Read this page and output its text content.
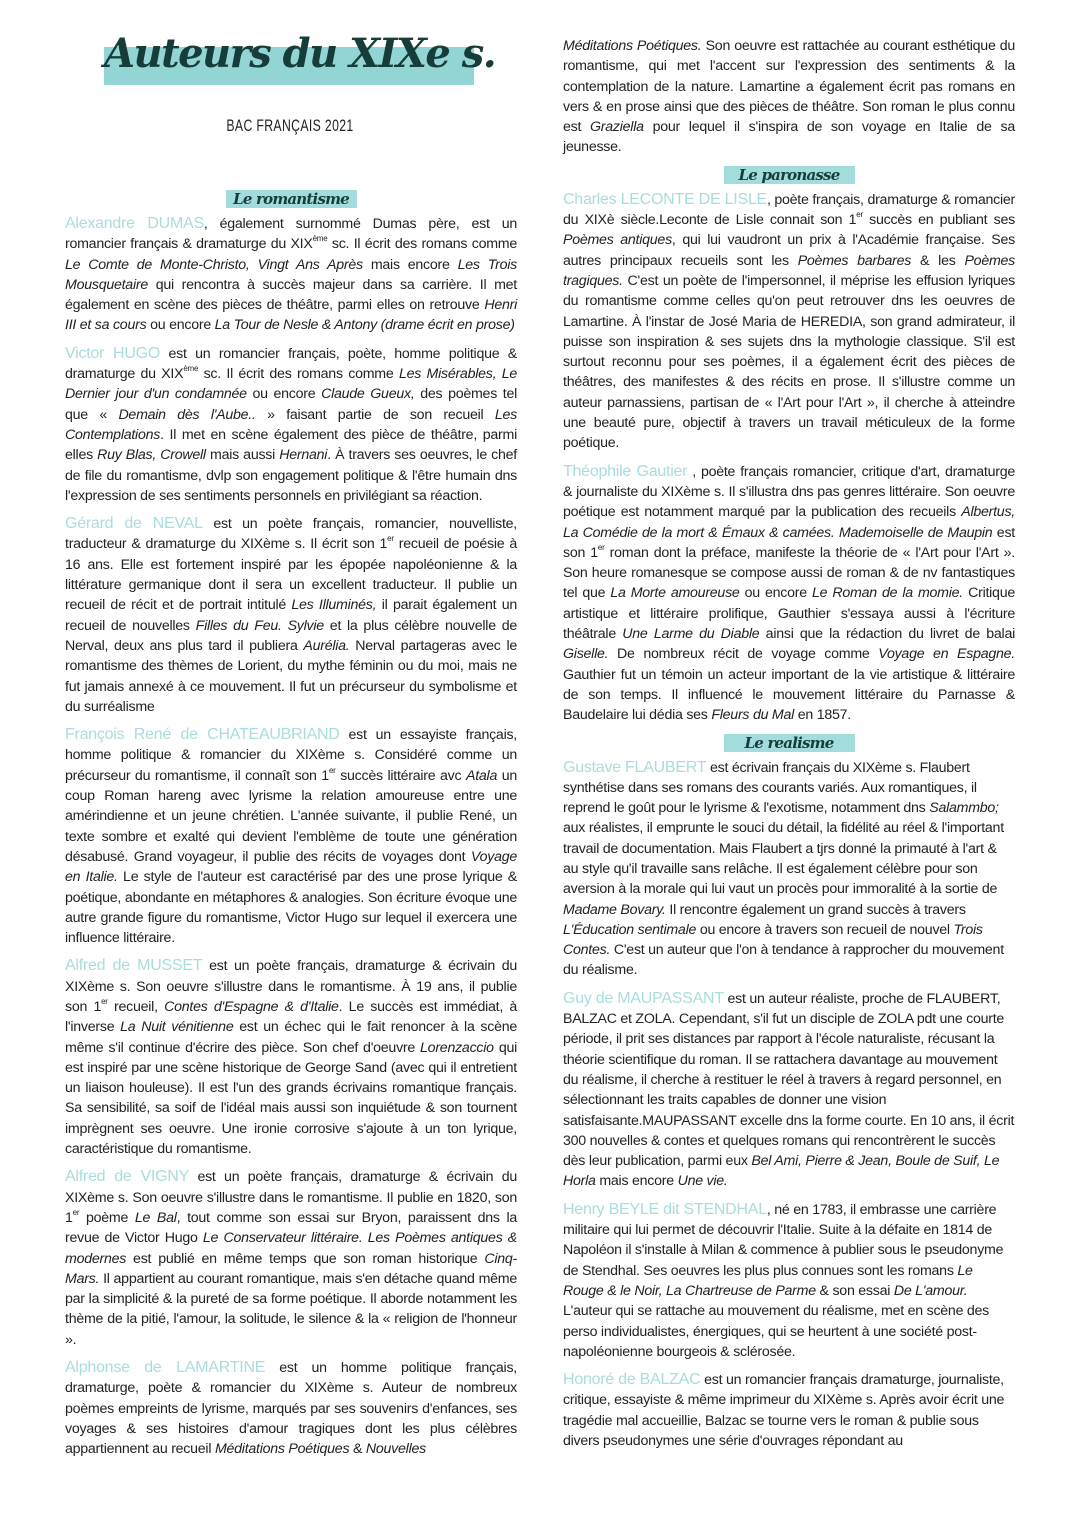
Auteurs du XIXe s.
BAC FRANÇAIS 2021
Le romantisme

Alexandre DUMAS, également surnommé Dumas père, est un romancier français & dramaturge du XIXème sc. Il écrit des romans comme Le Comte de Monte-Christo, Vingt Ans Après mais encore Les Trois Mousquetaire qui rencontra à succès majeur dans sa carrière. Il met également en scène des pièces de théâtre, parmi elles on retrouve Henri III et sa cours ou encore La Tour de Nesle & Antony (drame écrit en prose)

Victor HUGO est un romancier français, poète, homme politique & dramaturge du XIXème sc. Il écrit des romans comme Les Misérables, Le Dernier jour d'un condamnée ou encore Claude Gueux, des poèmes tel que « Demain dès l'Aube.. » faisant partie de son recueil Les Contemplations. Il met en scène également des pièce de théâtre, parmi elles Ruy Blas, Crowell mais aussi Hernani. À travers ses oeuvres, le chef de file du romantisme, dvlp son engagement politique & l'être humain dns l'expression de ses sentiments personnels en privilégiant sa réaction.

Gérard de NEVAL est un poète français, romancier, nouvelliste, traducteur & dramaturge du XIXème s. Il écrit son 1er recueil de poésie à 16 ans. Elle est fortement inspiré par les épopée napoléonienne & la littérature germanique dont il sera un excellent traducteur. Il publie un recueil de récit et de portrait intitulé Les Illuminés, il parait également un recueil de nouvelles Filles du Feu. Sylvie et la plus célèbre nouvelle de Nerval, deux ans plus tard il publiera Aurélia. Nerval partageras avec le romantisme des thèmes de Lorient, du mythe féminin ou du moi, mais ne fut jamais annexé à ce mouvement. Il fut un précurseur du symbolisme et du surréalisme

François René de CHATEAUBRIAND est un essayiste français, homme politique & romancier du XIXème s. Considéré comme un précurseur du romantisme, il connaît son 1er succès littéraire avc Atala un coup Roman hareng avec lyrisme la relation amoureuse entre une amérindienne et un jeune chrétien. L'année suivante, il publie René, un texte sombre et exalté qui devient l'emblème de toute une génération désabusé. Grand voyageur, il publie des récits de voyages dont Voyage en Italie. Le style de l'auteur est caractérisé par des une prose lyrique & poétique, abondante en métaphores & analogies. Son écriture évoque une autre grande figure du romantisme, Victor Hugo sur lequel il exercera une influence littéraire.

Alfred de MUSSET est un poète français, dramaturge & écrivain du XIXème s. Son oeuvre s'illustre dans le romantisme. À 19 ans, il publie son 1er recueil, Contes d'Espagne & d'Italie. Le succès est immédiat, à l'inverse La Nuit vénitienne est un échec qui le fait renoncer à la scène même s'il continue d'écrire des pièce. Son chef d'oeuvre Lorenzaccio qui est inspiré par une scène historique de George Sand (avec qui il entretient un liaison houleuse). Il est l'un des grands écrivains romantique français. Sa sensibilité, sa soif de l'idéal mais aussi son inquiétude & son tournent imprègnent ses oeuvre. Une ironie corrosive s'ajoute à un ton lyrique, caractéristique du romantisme.

Alfred de VIGNY est un poète français, dramaturge & écrivain du XIXème s. Son oeuvre s'illustre dans le romantisme. Il publie en 1820, son 1er poème Le Bal, tout comme son essai sur Bryon, paraissent dns la revue de Victor Hugo Le Conservateur littéraire. Les Poèmes antiques & modernes est publié en même temps que son roman historique Cinq-Mars. Il appartient au courant romantique, mais s'en détache quand même par la simplicité & la pureté de sa forme poétique. Il aborde notamment les thème de la pitié, l'amour, la solitude, le silence & la « religion de l'honneur ».

Alphonse de LAMARTINE est un homme politique français, dramaturge, poète & romancier du XIXème s. Auteur de nombreux poèmes empreints de lyrisme, marqués par ses souvenirs d'enfances, ses voyages & ses histoires d'amour tragiques dont les plus célèbres appartiennent au recueil Méditations Poétiques & Nouvelles

Méditations Poétiques. Son oeuvre est rattachée au courant esthétique du romantisme, qui met l'accent sur l'expression des sentiments & la contemplation de la nature. Lamartine a également écrit pas romans en vers & en prose ainsi que des pièces de théâtre. Son roman le plus connu est Graziella pour lequel il s'inspira de son voyage en Italie de sa jeunesse.

Le paronasse

Charles LECONTE DE LISLE, poète français, dramaturge & romancier du XIXè siècle.Leconte de Lisle connait son 1er succès en publiant ses Poèmes antiques, qui lui vaudront un prix à l'Académie française. Ses autres principaux recueils sont les Poèmes barbares & les Poèmes tragiques. C'est un poète de l'impersonnel, il méprise les effusion lyriques du romantisme comme celles qu'on peut retrouver dns les oeuvres de Lamartine. À l'instar de José Maria de HEREDIA, son grand admirateur, il puisse son inspiration & ses sujets dns la mythologie classique. S'il est surtout reconnu pour ses poèmes, il a également écrit des pièces de théâtres, des manifestes & des récits en prose. Il s'illustre comme un auteur parnassiens, partisan de « l'Art pour l'Art », il cherche à atteindre une beauté pure, objectif à travers un travail méticuleux de la forme poétique.

Théophile Gautier , poète français romancier, critique d'art, dramaturge & journaliste du XIXème s. Il s'illustra dns pas genres littéraire. Son oeuvre poétique est notamment marqué par la publication des recueils Albertus, La Comédie de la mort & Émaux & camées. Mademoiselle de Maupin est son 1er roman dont la préface, manifeste la théorie de « l'Art pour l'Art ». Son heure romanesque se compose aussi de roman & de nv fantastiques tel que La Morte amoureuse ou encore Le Roman de la momie. Critique artistique et littéraire prolifique, Gauthier s'essaya aussi à l'écriture théâtrale Une Larme du Diable ainsi que la rédaction du livret de balai Giselle. De nombreux récit de voyage comme Voyage en Espagne. Gauthier fut un témoin un acteur important de la vie artistique & littéraire de son temps. Il influencé le mouvement littéraire du Parnasse & Baudelaire lui dédia ses Fleurs du Mal en 1857.

Le realisme

Gustave FLAUBERT est écrivain français du XIXème s. Flaubert synthétise dans ses romans des courants variés. Aux romantiques, il reprend le goût pour le lyrisme & l'exotisme, notamment dns Salammbo; aux réalistes, il emprunte le souci du détail, la fidélité au réel & l'important travail de documentation. Mais Flaubert a tjrs donné la primauté à l'art & au style qu'il travaille sans relâche. Il est également célèbre pour son aversion à la morale qui lui vaut un procès pour immoralité à la sortie de Madame Bovary. Il rencontre également un grand succès à travers L'Éducation sentimale ou encore à travers son recueil de nouvel Trois Contes. C'est un auteur que l'on à tendance à rapprocher du mouvement du réalisme.

Guy de MAUPASSANT est un auteur réaliste, proche de FLAUBERT, BALZAC et ZOLA. Cependant, s'il fut un disciple de ZOLA pdt une courte période, il prit ses distances par rapport à l'école naturaliste, récusant la théorie scientifique du roman. Il se rattachera davantage au mouvement du réalisme, il cherche à restituer le réel à travers à regard personnel, en sélectionnant les traits capables de donner une vision satisfaisante.MAUPASSANT excelle dns la forme courte. En 10 ans, il écrit 300 nouvelles & contes et quelques romans qui rencontrèrent le succès dès leur publication, parmi eux Bel Ami, Pierre & Jean, Boule de Suif, Le Horla mais encore Une vie.

Henry BEYLE dit STENDHAL, né en 1783, il embrasse une carrière militaire qui lui permet de découvrir l'Italie. Suite à la défaite en 1814 de Napoléon il s'installe à Milan & commence à publier sous le pseudonyme de Stendhal. Ses oeuvres les plus plus connues sont les romans Le Rouge & le Noir, La Chartreuse de Parme & son essai De L'amour. L'auteur qui se rattache au mouvement du réalisme, met en scène des perso individualistes, énergiques, qui se heurtent à une société post-napoléonienne bourgeois & sclérosée.

Honoré de BALZAC est un romancier français dramaturge, journaliste, critique, essayiste & même imprimeur du XIXème s. Après avoir écrit une tragédie mal accueillie, Balzac se tourne vers le roman & publie sous divers pseudonymes une série d'ouvrages répondant au
